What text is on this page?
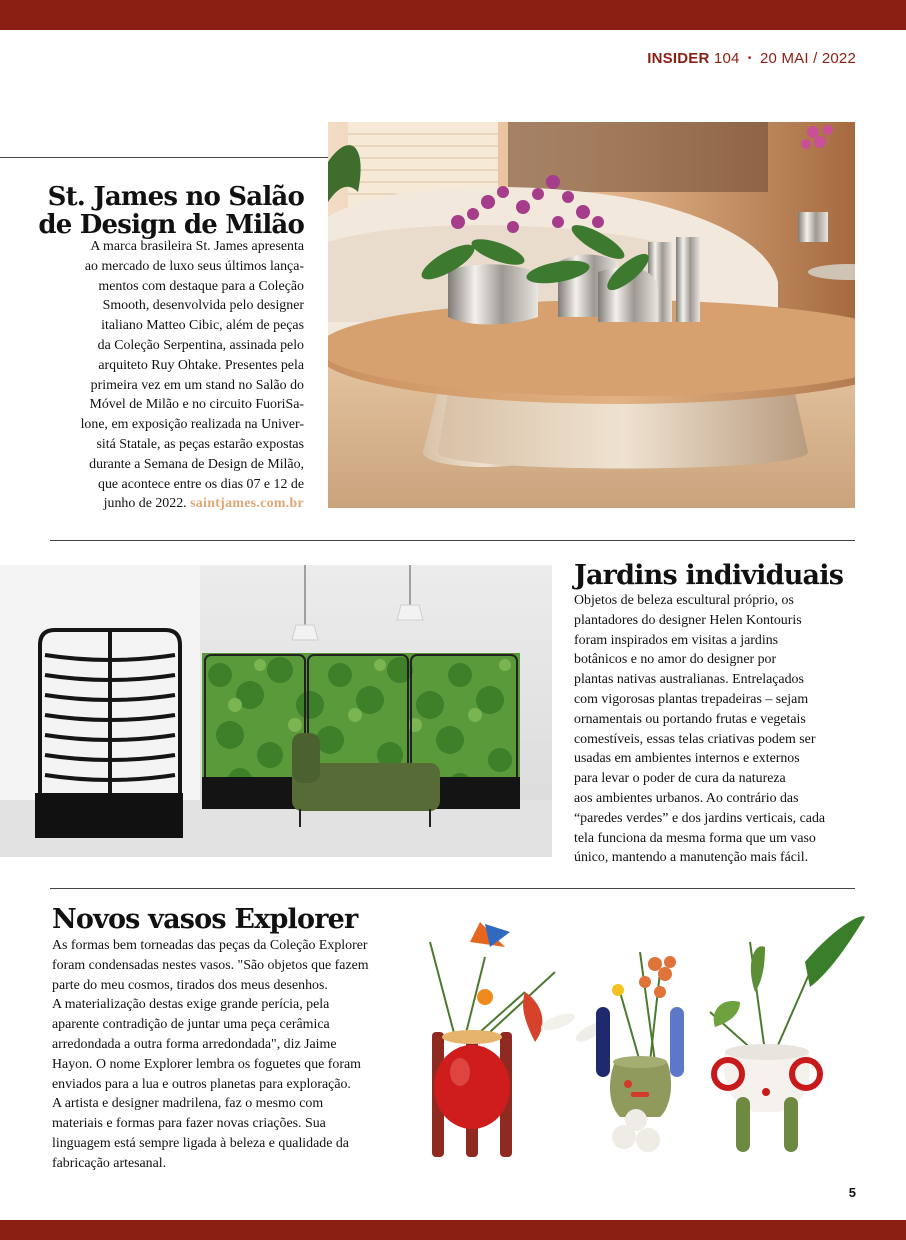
INSIDER 104 • 20 MAI / 2022
St. James no Salão
de Design de Milão

A marca brasileira St. James apresenta

ao mercado de luxo seus últimos lança-

mentos com destaque para a Coleção

Smooth, desenvolvida pelo designer

italiano Matteo Cibic, além de peças

da Coleção Serpentina, assinada pelo

arquiteto Ruy Ohtake. Presentes pela

primeira vez em um stand no Salão do

Móvel de Milão e no circuito FuoriSa-

lone, em exposição realizada na Univer-

sitá Statale, as peças estarão expostas

durante a Semana de Design de Milão,

que acontece entre os dias 07 e 12 de

junho de 2022. saintjames.com.br

Jardins individuais

Objetos de beleza escultural próprio, os

plantadores do designer Helen Kontouris

foram inspirados em visitas a jardins

botânicos e no amor do designer por

plantas nativas australianas. Entrelaçados

com vigorosas plantas trepadeiras – sejam

ornamentais ou portando frutas e vegetais

comestíveis, essas telas criativas podem ser

usadas em ambientes internos e externos

para levar o poder de cura da natureza

aos ambientes urbanos. Ao contrário das

“paredes verdes” e dos jardins verticais, cada

tela funciona da mesma forma que um vaso

único, mantendo a manutenção mais fácil.

Novos vasos Explorer

As formas bem torneadas das peças da Coleção Explorer

foram condensadas nestes vasos. "São objetos que fazem

parte do meu cosmos, tirados dos meus desenhos.

A materialização destas exige grande perícia, pela

aparente contradição de juntar uma peça cerâmica

arredondada a outra forma arredondada", diz Jaime

Hayon. O nome Explorer lembra os foguetes que foram

enviados para a lua e outros planetas para exploração.

A artista e designer madrilena, faz o mesmo com

materiais e formas para fazer novas criações. Sua

linguagem está sempre ligada à beleza e qualidade da

fabricação artesanal.

5
